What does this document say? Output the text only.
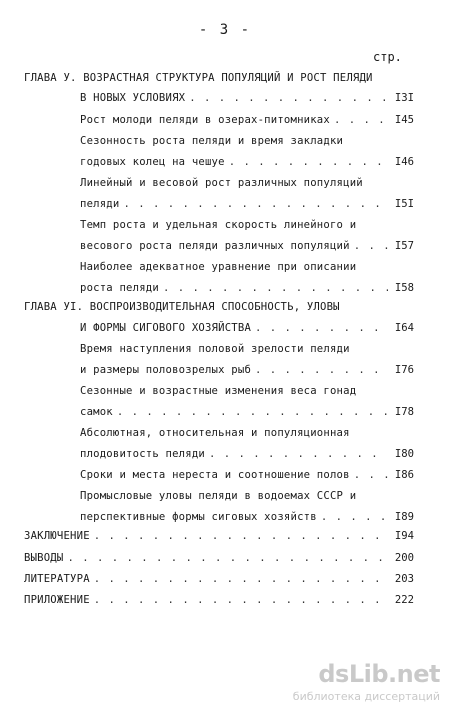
- 3 -
стр.
ГЛАВА У. ВОЗРАСТНАЯ СТРУКТУРА ПОПУЛЯЦИЙ И РОСТ ПЕЛЯДИ
В НОВЫХ УСЛОВИЯХ . . .	I3I
Рост молоди пеляди в озерах-питомниках . . .	I45
Сезонность роста пеляди и время закладки
годовых колец на чешуе . . .	I46
Линейный и весовой рост различных популяций
пеляди . . .	I5I
Темп роста и удельная скорость линейного и
весового роста пеляди различных популяций . . .	I57
Наиболее адекватное уравнение при описании
роста пеляди . . .	I58
ГЛАВА УI. ВОСПРОИЗВОДИТЕЛЬНАЯ СПОСОБНОСТЬ, УЛОВЫ
И ФОРМЫ СИГОВОГО ХОЗЯЙСТВА . . .	I64
Время наступления половой зрелости пеляди
и размеры половозрелых рыб . . .	I76
Сезонные и возрастные изменения веса гонад
самок . . .	I78
Абсолютная, относительная и популяционная
плодовитость пеляди . . .	I80
Сроки и места нереста и соотношение полов . . .	I86
Промысловые уловы пеляди в водоемах СССР и
перспективные формы сиговых хозяйств . . .	I89
ЗАКЛЮЧЕНИЕ . . .	I94
ВЫВОДЫ . . .	200
ЛИТЕРАТУРА . . .	203
ПРИЛОЖЕНИЕ . . .	222
dsLib.net
библиотека диссертаций
